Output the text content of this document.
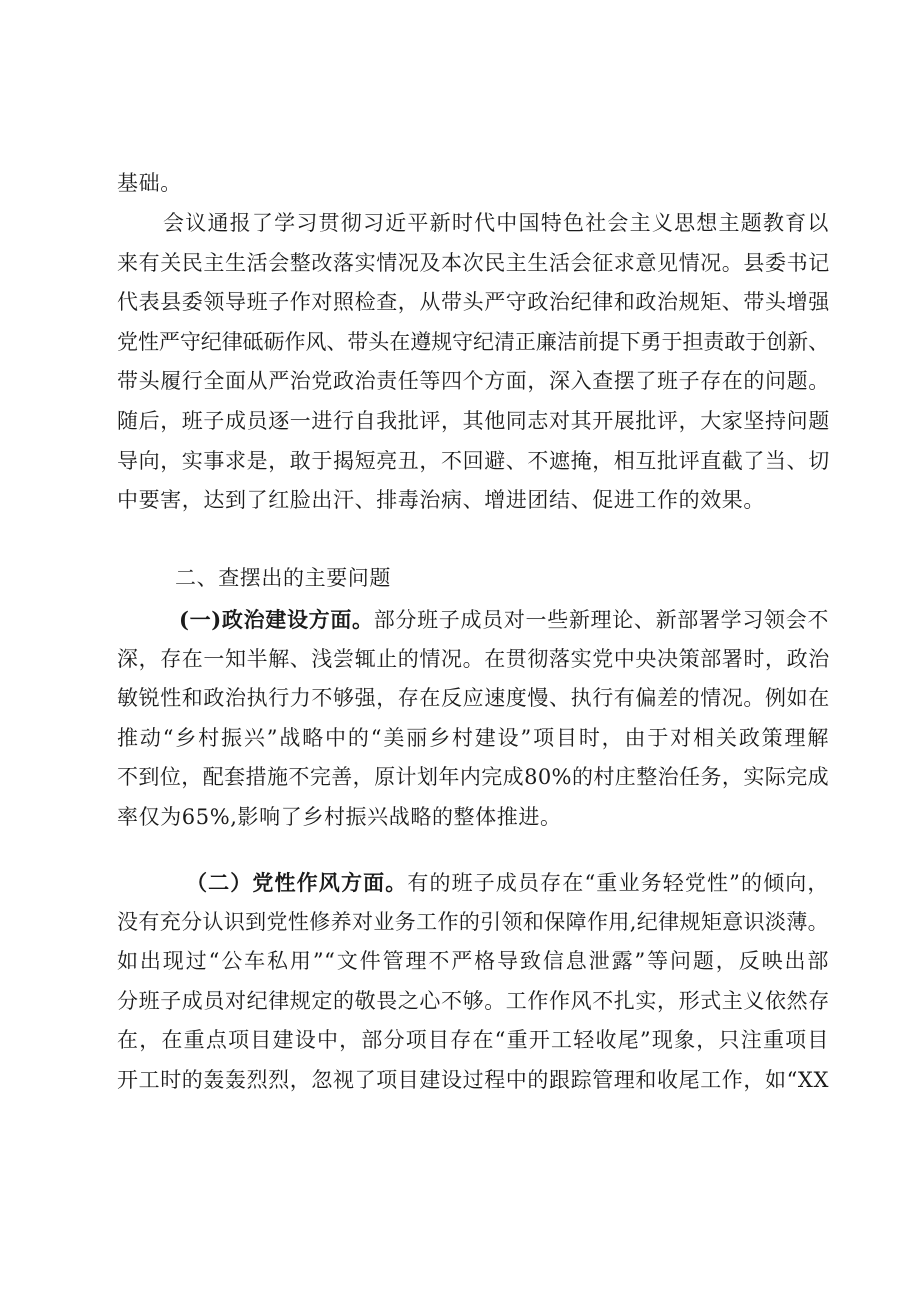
基础。
会议通报了学习贯彻习近平新时代中国特色社会主义思想主题教育以
来有关民主生活会整改落实情况及本次民主生活会征求意见情况。县委书记
代表县委领导班子作对照检查，从带头严守政治纪律和政治规矩、带头增强
党性严守纪律砥砺作风、带头在遵规守纪清正廉洁前提下勇于担责敢于创新、
带头履行全面从严治党政治责任等四个方面，深入查摆了班子存在的问题。
随后，班子成员逐一进行自我批评，其他同志对其开展批评，大家坚持问题
导向，实事求是，敢于揭短亮丑，不回避、不遮掩，相互批评直截了当、切
中要害，达到了红脸出汗、排毒治病、增进团结、促进工作的效果。
二、查摆出的主要问题
(一)政治建设方面。部分班子成员对一些新理论、新部署学习领会不
深，存在一知半解、浅尝辄止的情况。在贯彻落实党中央决策部署时，政治
敏锐性和政治执行力不够强，存在反应速度慢、执行有偏差的情况。例如在
推动“乡村振兴”战略中的“美丽乡村建设”项目时，由于对相关政策理解
不到位，配套措施不完善，原计划年内完成80%的村庄整治任务，实际完成
率仅为65%,影响了乡村振兴战略的整体推进。
（二）党性作风方面。有的班子成员存在“重业务轻党性”的倾向，
没有充分认识到党性修养对业务工作的引领和保障作用,纪律规矩意识淡薄。
如出现过“公车私用”“文件管理不严格导致信息泄露”等问题，反映出部
分班子成员对纪律规定的敬畏之心不够。工作作风不扎实，形式主义依然存
在，在重点项目建设中，部分项目存在“重开工轻收尾”现象，只注重项目
开工时的轰轰烈烈，忽视了项目建设过程中的跟踪管理和收尾工作，如“XX
